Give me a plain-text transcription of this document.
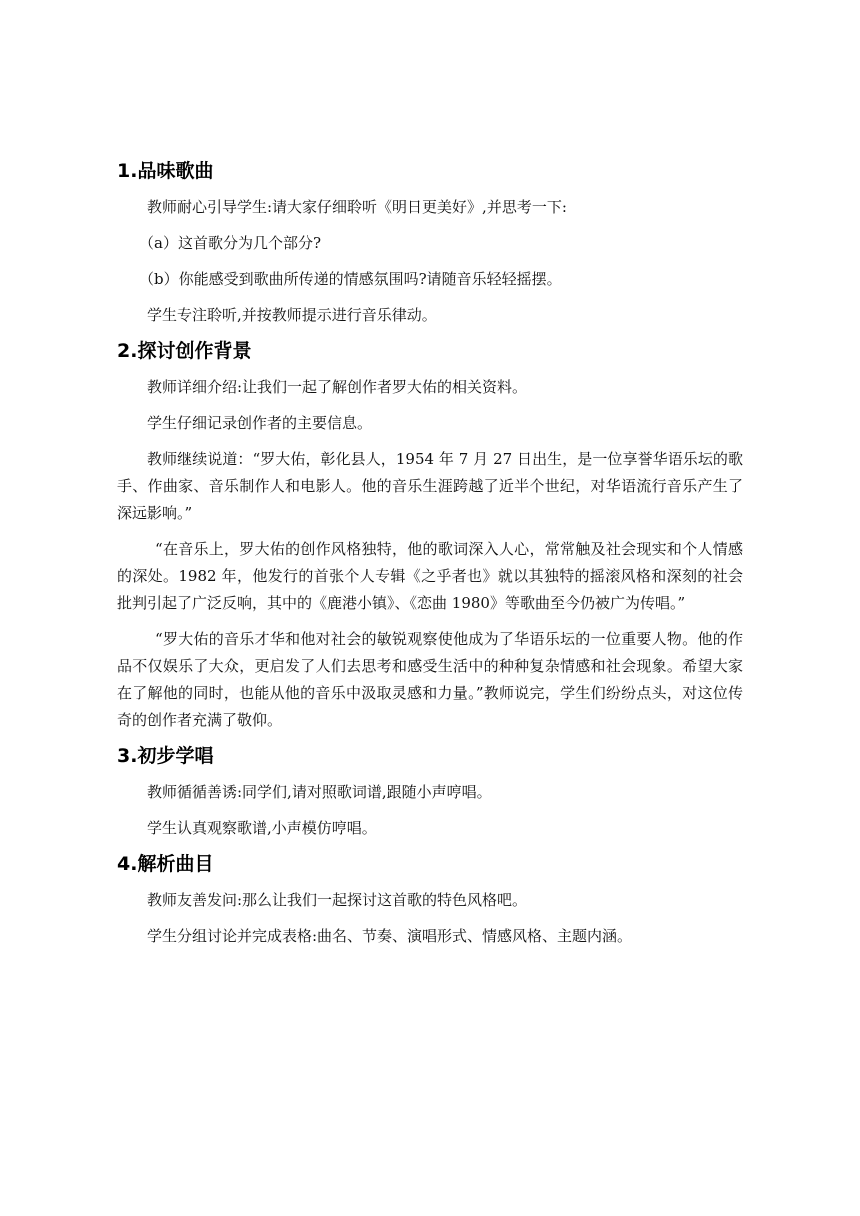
1.品味歌曲

教师耐心引导学生:请大家仔细聆听《明日更美好》,并思考一下:

（a）这首歌分为几个部分?

（b）你能感受到歌曲所传递的情感氛围吗?请随音乐轻轻摇摆。

学生专注聆听,并按教师提示进行音乐律动。

2.探讨创作背景

教师详细介绍:让我们一起了解创作者罗大佑的相关资料。

学生仔细记录创作者的主要信息。

教师继续说道：“罗大佑，彰化县人，1954 年 7 月 27 日出生，是一位享誉华语乐坛的歌手、作曲家、音乐制作人和电影人。他的音乐生涯跨越了近半个世纪，对华语流行音乐产生了深远影响。”

“在音乐上，罗大佑的创作风格独特，他的歌词深入人心，常常触及社会现实和个人情感的深处。1982 年，他发行的首张个人专辑《之乎者也》就以其独特的摇滚风格和深刻的社会批判引起了广泛反响，其中的《鹿港小镇》、《恋曲 1980》等歌曲至今仍被广为传唱。”

“罗大佑的音乐才华和他对社会的敏锐观察使他成为了华语乐坛的一位重要人物。他的作品不仅娱乐了大众，更启发了人们去思考和感受生活中的种种复杂情感和社会现象。希望大家在了解他的同时，也能从他的音乐中汲取灵感和力量。”教师说完，学生们纷纷点头，对这位传奇的创作者充满了敬仰。

3.初步学唱

教师循循善诱:同学们,请对照歌词谱,跟随小声哼唱。

学生认真观察歌谱,小声模仿哼唱。

4.解析曲目

教师友善发问:那么让我们一起探讨这首歌的特色风格吧。

学生分组讨论并完成表格:曲名、节奏、演唱形式、情感风格、主题内涵。
